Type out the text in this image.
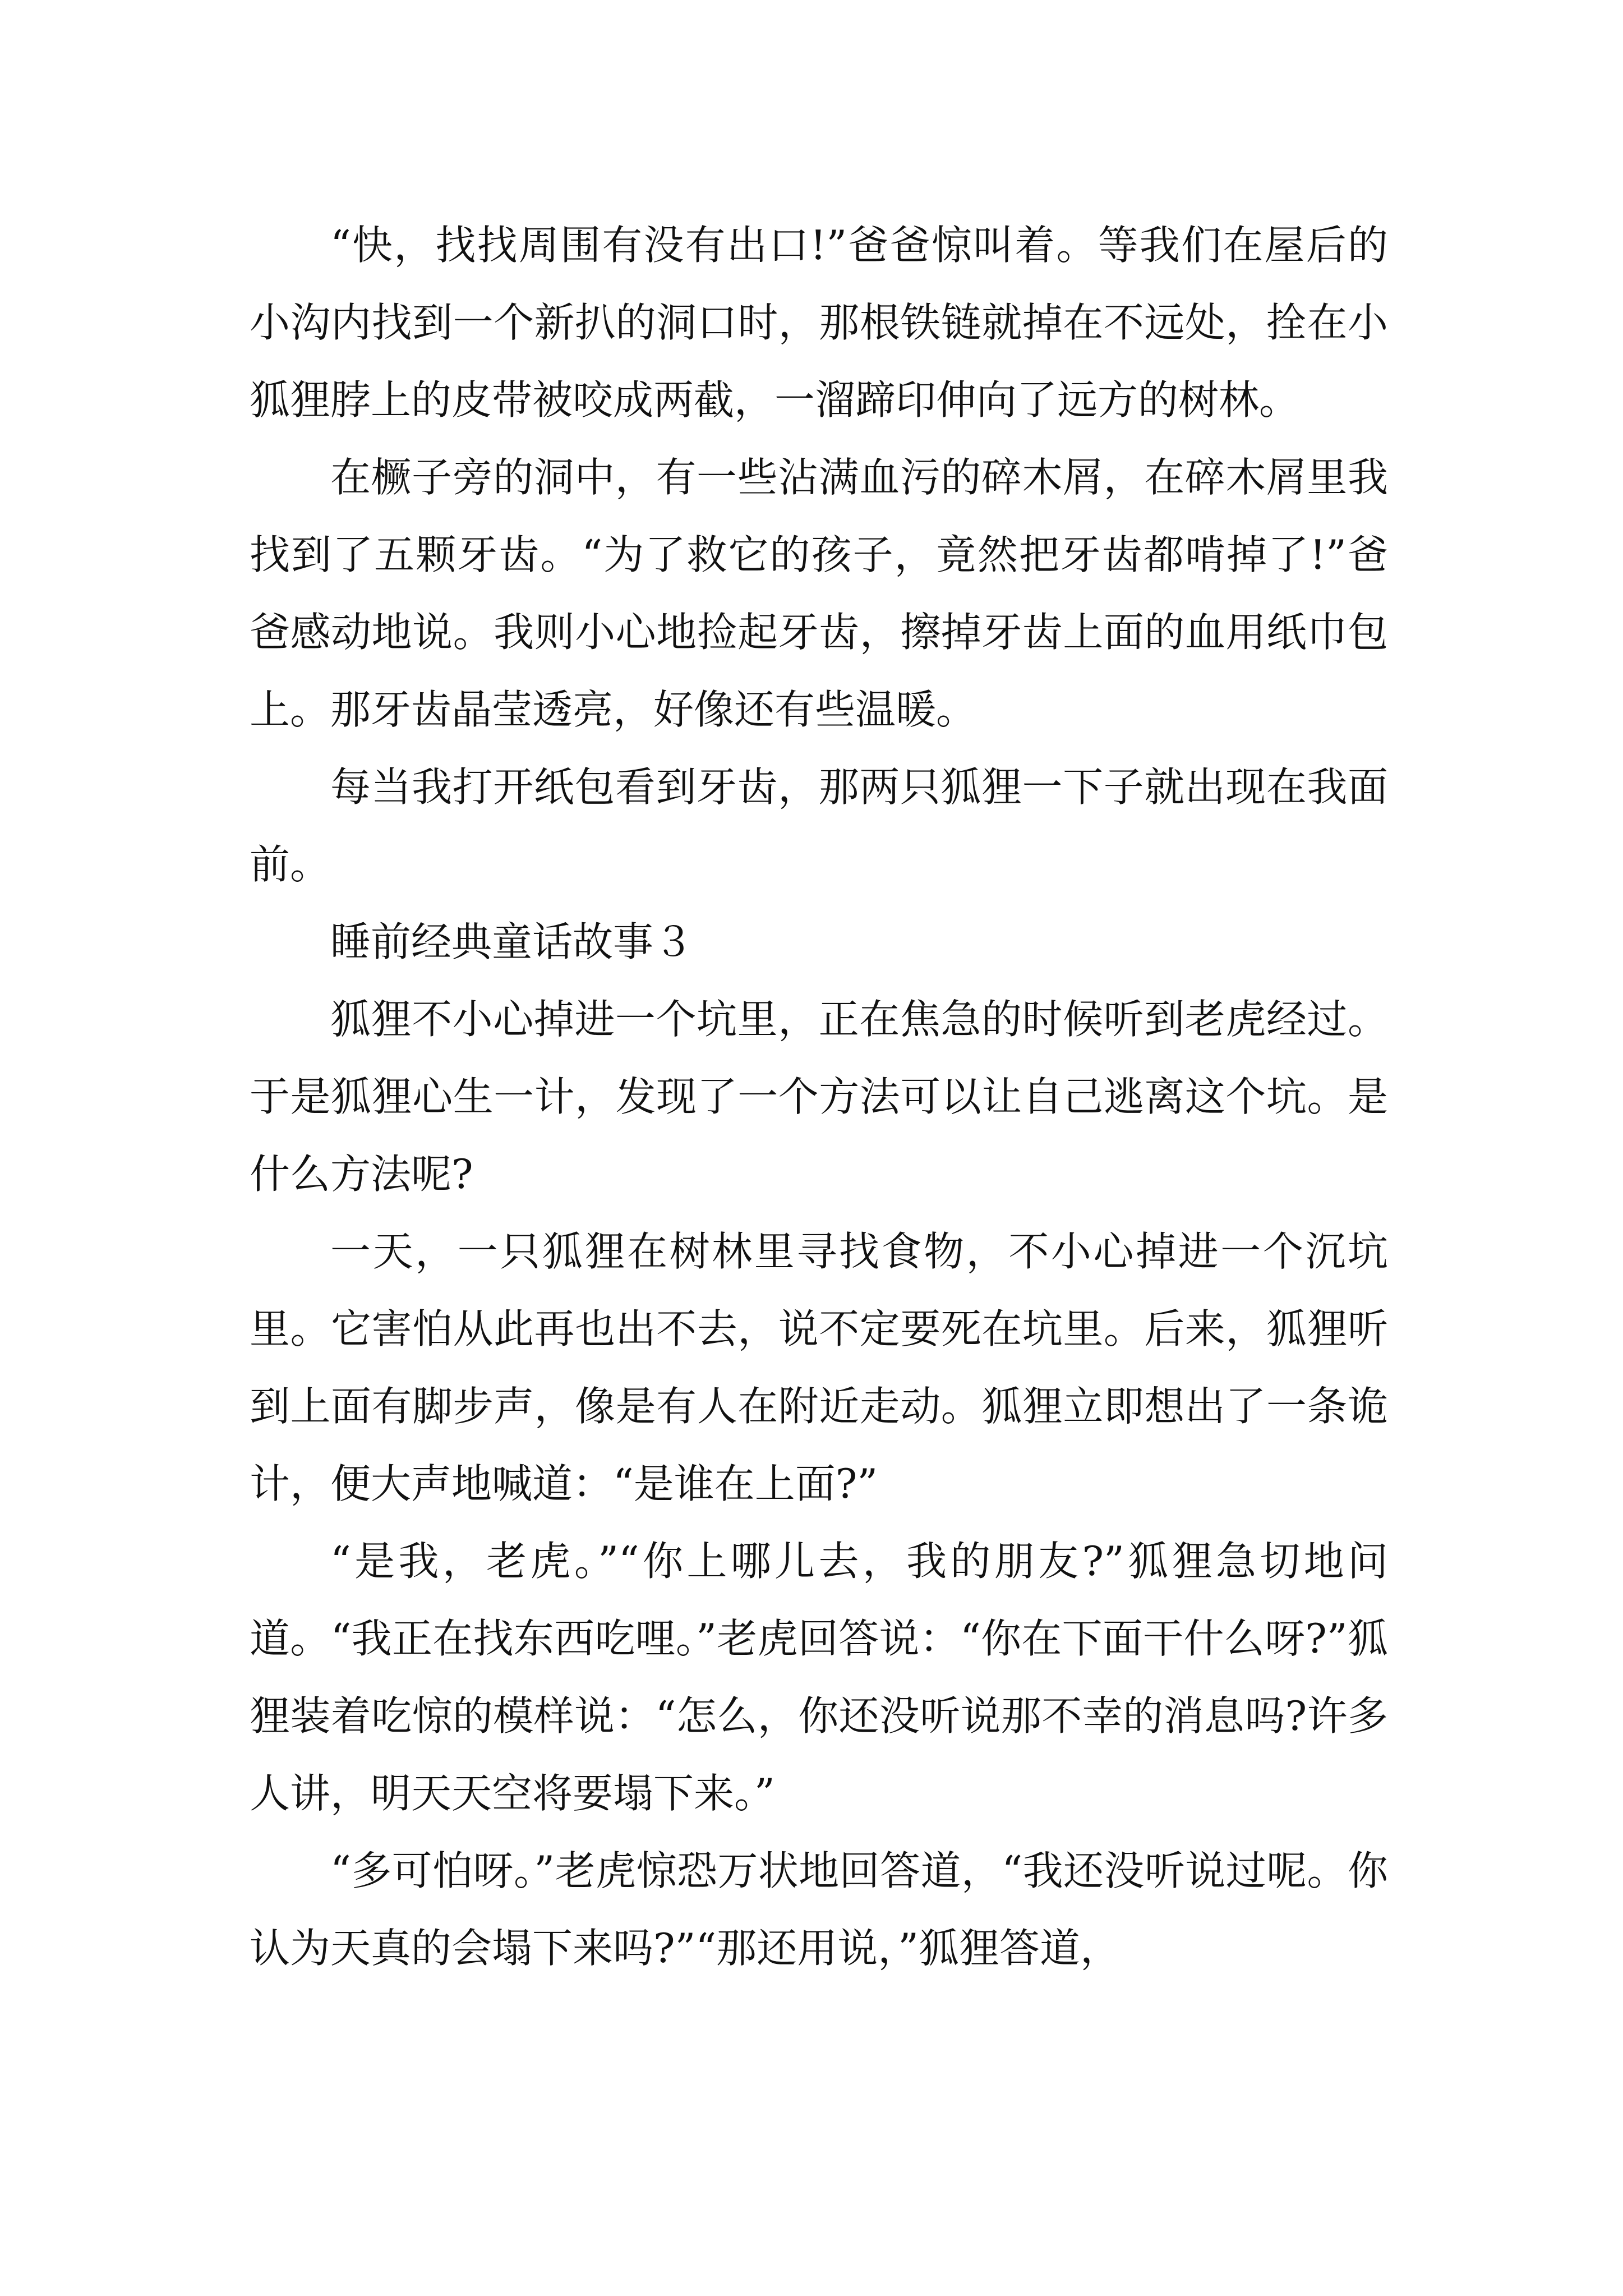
“快，找找周围有没有出口!”爸爸惊叫着。等我们在屋后的小沟内找到一个新扒的洞口时，那根铁链就掉在不远处，拴在小狐狸脖上的皮带被咬成两截，一溜蹄印伸向了远方的树林。

在橛子旁的洞中，有一些沾满血污的碎木屑，在碎木屑里我找到了五颗牙齿。“为了救它的孩子，竟然把牙齿都啃掉了!”爸爸感动地说。我则小心地捡起牙齿，擦掉牙齿上面的血用纸巾包上。那牙齿晶莹透亮，好像还有些温暖。

每当我打开纸包看到牙齿，那两只狐狸一下子就出现在我面前。

睡前经典童话故事３

狐狸不小心掉进一个坑里，正在焦急的时候听到老虎经过。于是狐狸心生一计，发现了一个方法可以让自己逃离这个坑。是什么方法呢?

一天，一只狐狸在树林里寻找食物，不小心掉进一个沉坑里。它害怕从此再也出不去，说不定要死在坑里。后来，狐狸听到上面有脚步声，像是有人在附近走动。狐狸立即想出了一条诡计，便大声地喊道：“是谁在上面?”

“是我，老虎。”“你上哪儿去，我的朋友?”狐狸急切地问道。“我正在找东西吃哩。”老虎回答说：“你在下面干什么呀?”狐狸装着吃惊的模样说：“怎么，你还没听说那不幸的消息吗?许多人讲，明天天空将要塌下来。”

“多可怕呀。”老虎惊恐万状地回答道，“我还没听说过呢。你认为天真的会塌下来吗?”“那还用说，”狐狸答道，
